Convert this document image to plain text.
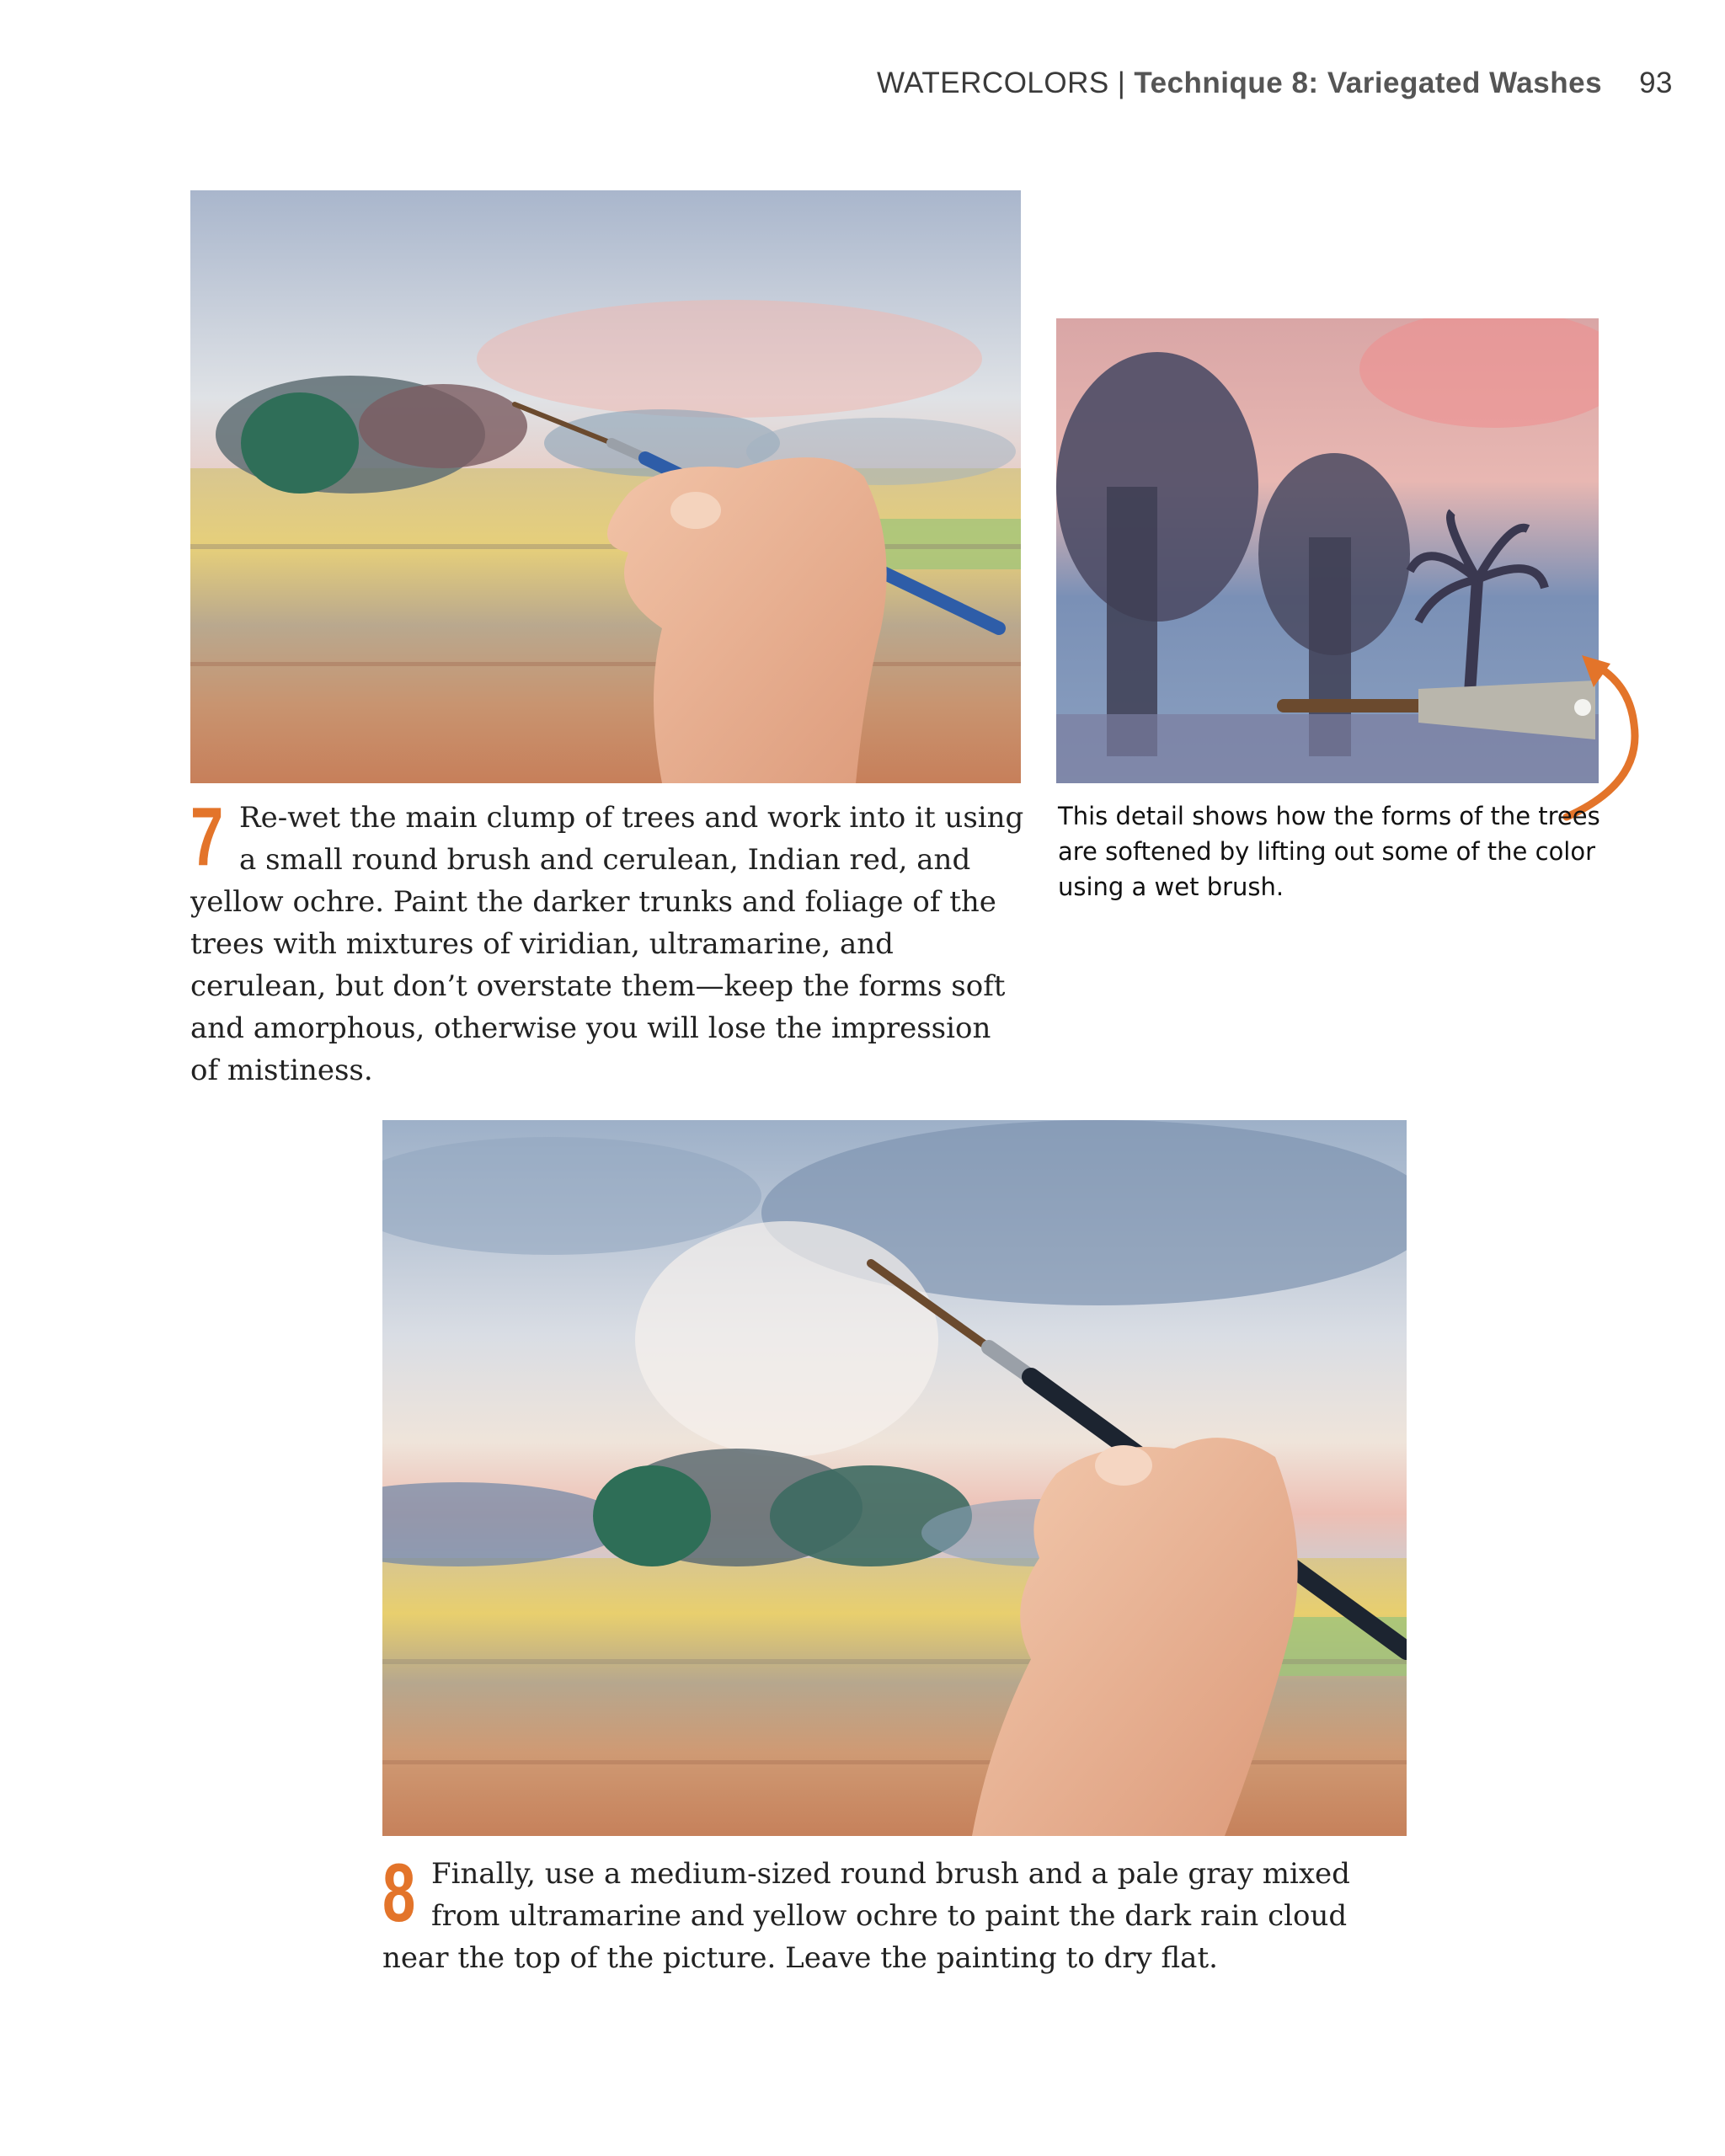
WATERCOLORS | Technique 8: Variegated Washes 93
7 Re-wet the main clump of trees and work into it using a small round brush and cerulean, Indian red, and yellow ochre. Paint the darker trunks and foliage of the trees with mixtures of viridian, ultramarine, and cerulean, but don’t overstate them—keep the forms soft and amorphous, otherwise you will lose the impression of mistiness.
This detail shows how the forms of the trees are softened by lifting out some of the color using a wet brush.
8 Finally, use a medium-sized round brush and a pale gray mixed from ultramarine and yellow ochre to paint the dark rain cloud near the top of the picture. Leave the painting to dry flat.
